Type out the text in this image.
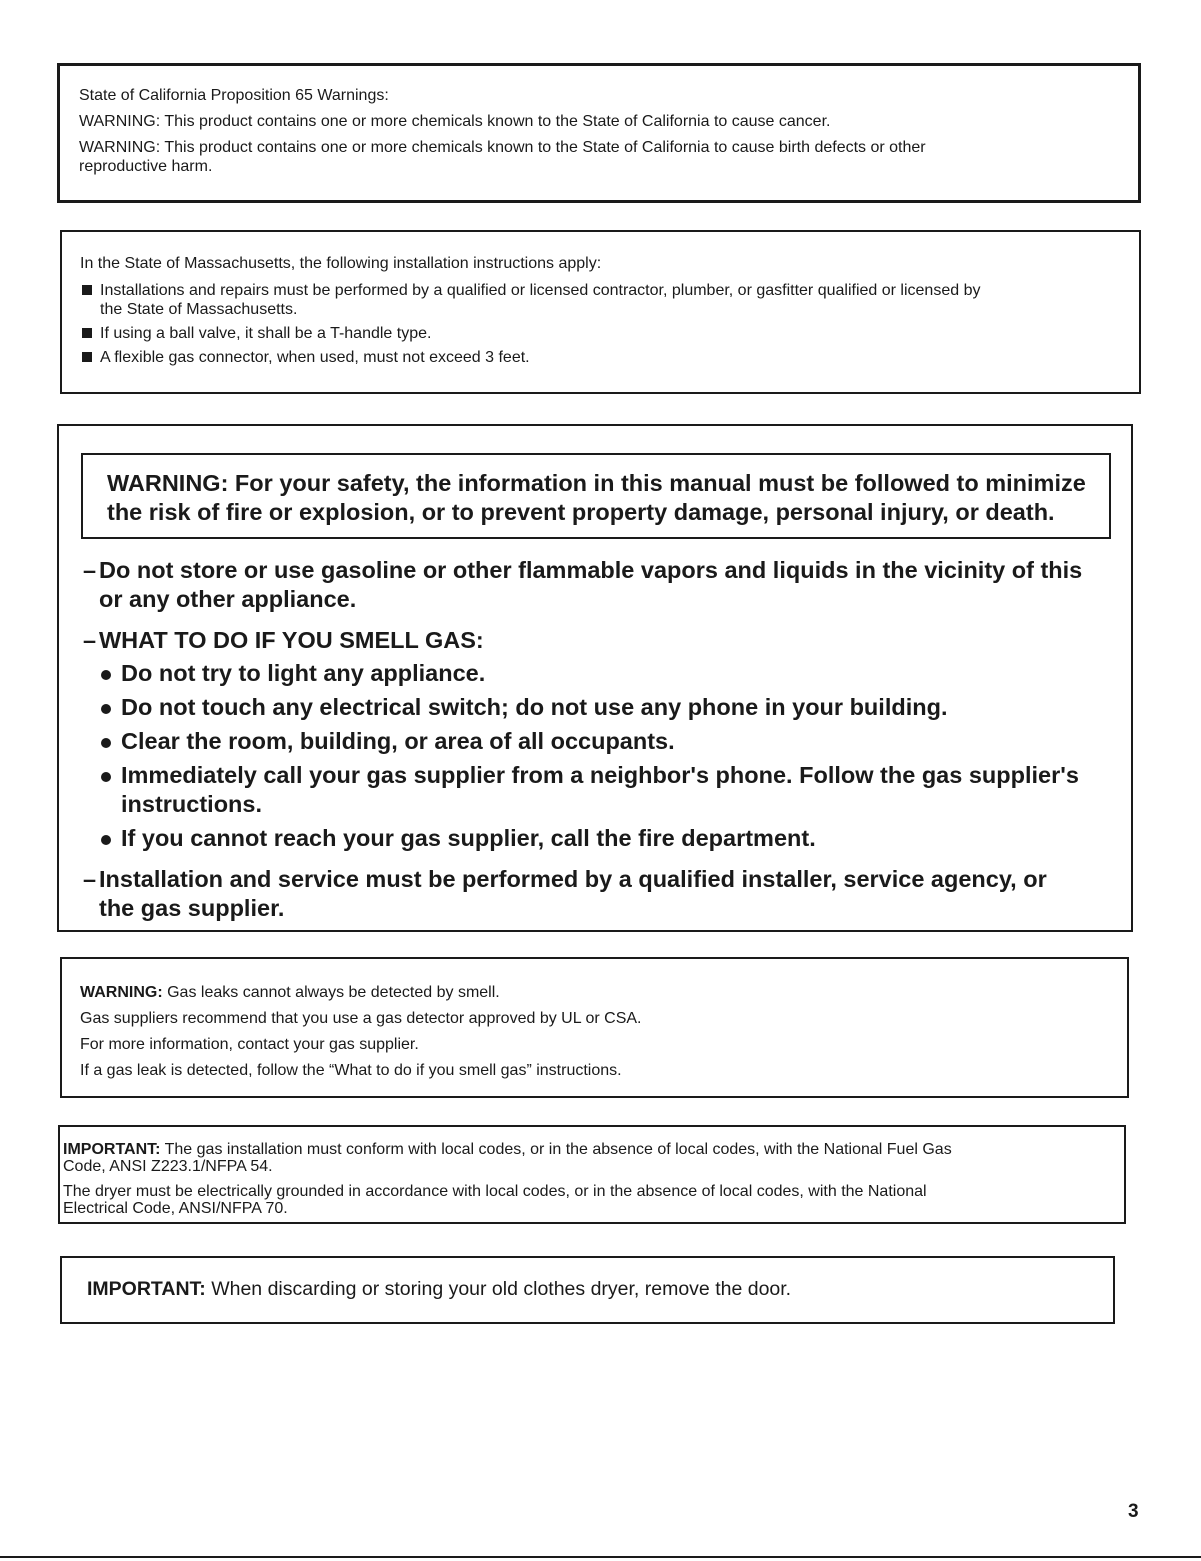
State of California Proposition 65 Warnings:

WARNING: This product contains one or more chemicals known to the State of California to cause cancer.

WARNING: This product contains one or more chemicals known to the State of California to cause birth defects or other
reproductive harm.

In the State of Massachusetts, the following installation instructions apply:

Installations and repairs must be performed by a qualified or licensed contractor, plumber, or gasfitter qualified or licensed by
the State of Massachusetts.
If using a ball valve, it shall be a T-handle type.
A flexible gas connector, when used, must not exceed 3 feet.
WARNING: For your safety, the information in this manual must be followed to minimize
the risk of fire or explosion, or to prevent property damage, personal injury, or death.
– Do not store or use gasoline or other flammable vapors and liquids in the vicinity of this
or any other appliance.
– WHAT TO DO IF YOU SMELL GAS:
Do not try to light any appliance.
Do not touch any electrical switch; do not use any phone in your building.
Clear the room, building, or area of all occupants.
Immediately call your gas supplier from a neighbor's phone. Follow the gas supplier's
instructions.
If you cannot reach your gas supplier, call the fire department.
– Installation and service must be performed by a qualified installer, service agency, or
the gas supplier.

WARNING: Gas leaks cannot always be detected by smell.

Gas suppliers recommend that you use a gas detector approved by UL or CSA.

For more information, contact your gas supplier.

If a gas leak is detected, follow the “What to do if you smell gas” instructions.

IMPORTANT: The gas installation must conform with local codes, or in the absence of local codes, with the National Fuel Gas
Code, ANSI Z223.1/NFPA 54.

The dryer must be electrically grounded in accordance with local codes, or in the absence of local codes, with the National
Electrical Code, ANSI/NFPA 70.

IMPORTANT: When discarding or storing your old clothes dryer, remove the door.
3
